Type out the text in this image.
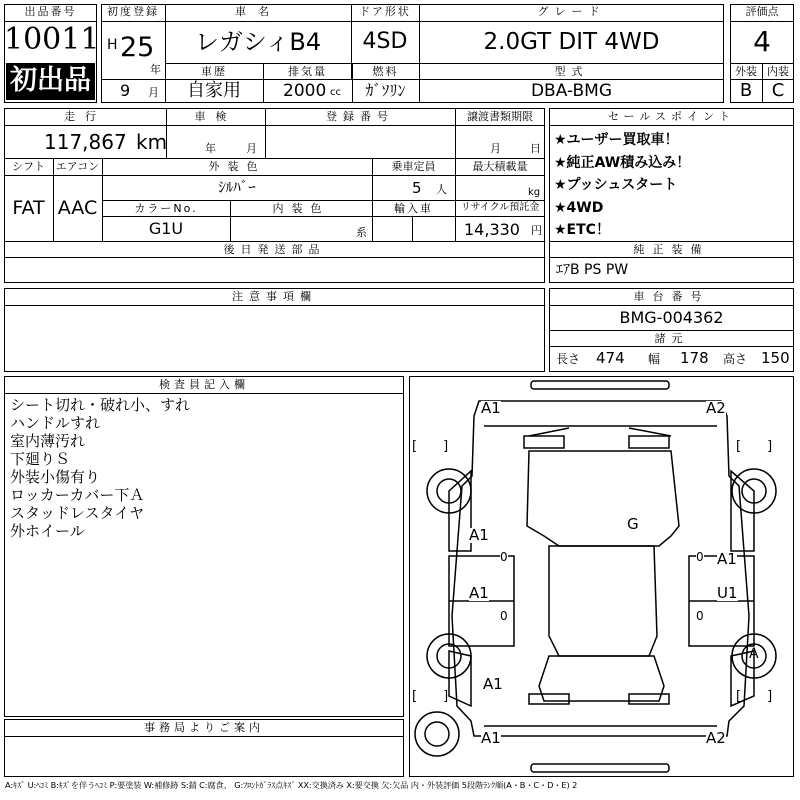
出品番号
10011
初出品
初度登録
H 25
年
9 月
車名
レガシィB4
ドア形状
4SD
グレード
2.0GT DIT 4WD
車歴
自家用
排気量
2000 cc
燃料
ｶﾞｿﾘﾝ
型式
DBA-BMG
評価点
4
外装 内装
B	C
走行
117,867 km
車検
年	月
登録番号	譲渡書類期限
月	日
シフト
FAT
エアコン
AAC
外装色
ｼﾙﾊﾞｰ
乗車定員
5 人
最大積載量
kg
カラーNo.
G1U
内装色
系
輸入車	リサイクル預託金
14,330 円
後日発送部品
セールスポイント
★ユーザー買取車！
★純正AW積み込み！
★プッシュスタート
★4WD
★ETC！
純正装備
ｴｱB PS PW
注意事項欄	車台番号
BMG-004362
諸元
長さ 474 幅 178 高さ 150
検査員記入欄
シート切れ・破れ小、すれ
ハンドルすれ
室内薄汚れ
下廻りＳ
外装小傷有り
ロッカーカバー下Ａ
スタッドレスタイヤ
外ホイール
事務局よりご案内
A1	A2
[　　]	[　　]
G
A1
0	0 A1
A1	U1
0	0
A
A1
[　　]	[　　]
A1	A2
A:ｷｽﾞ U:ﾍｺﾐ B:ｷｽﾞを伴うﾍｺﾐ P:要塗装 W:補修跡 S:錆 C:腐食、 G:ﾌﾛﾝﾄｶﾞﾗｽ点ｷｽﾞ XX:交換済み X:要交換 欠:欠品 内・外装評価 5段階ﾗﾝｸ順(A・B・C・D・E) 2
